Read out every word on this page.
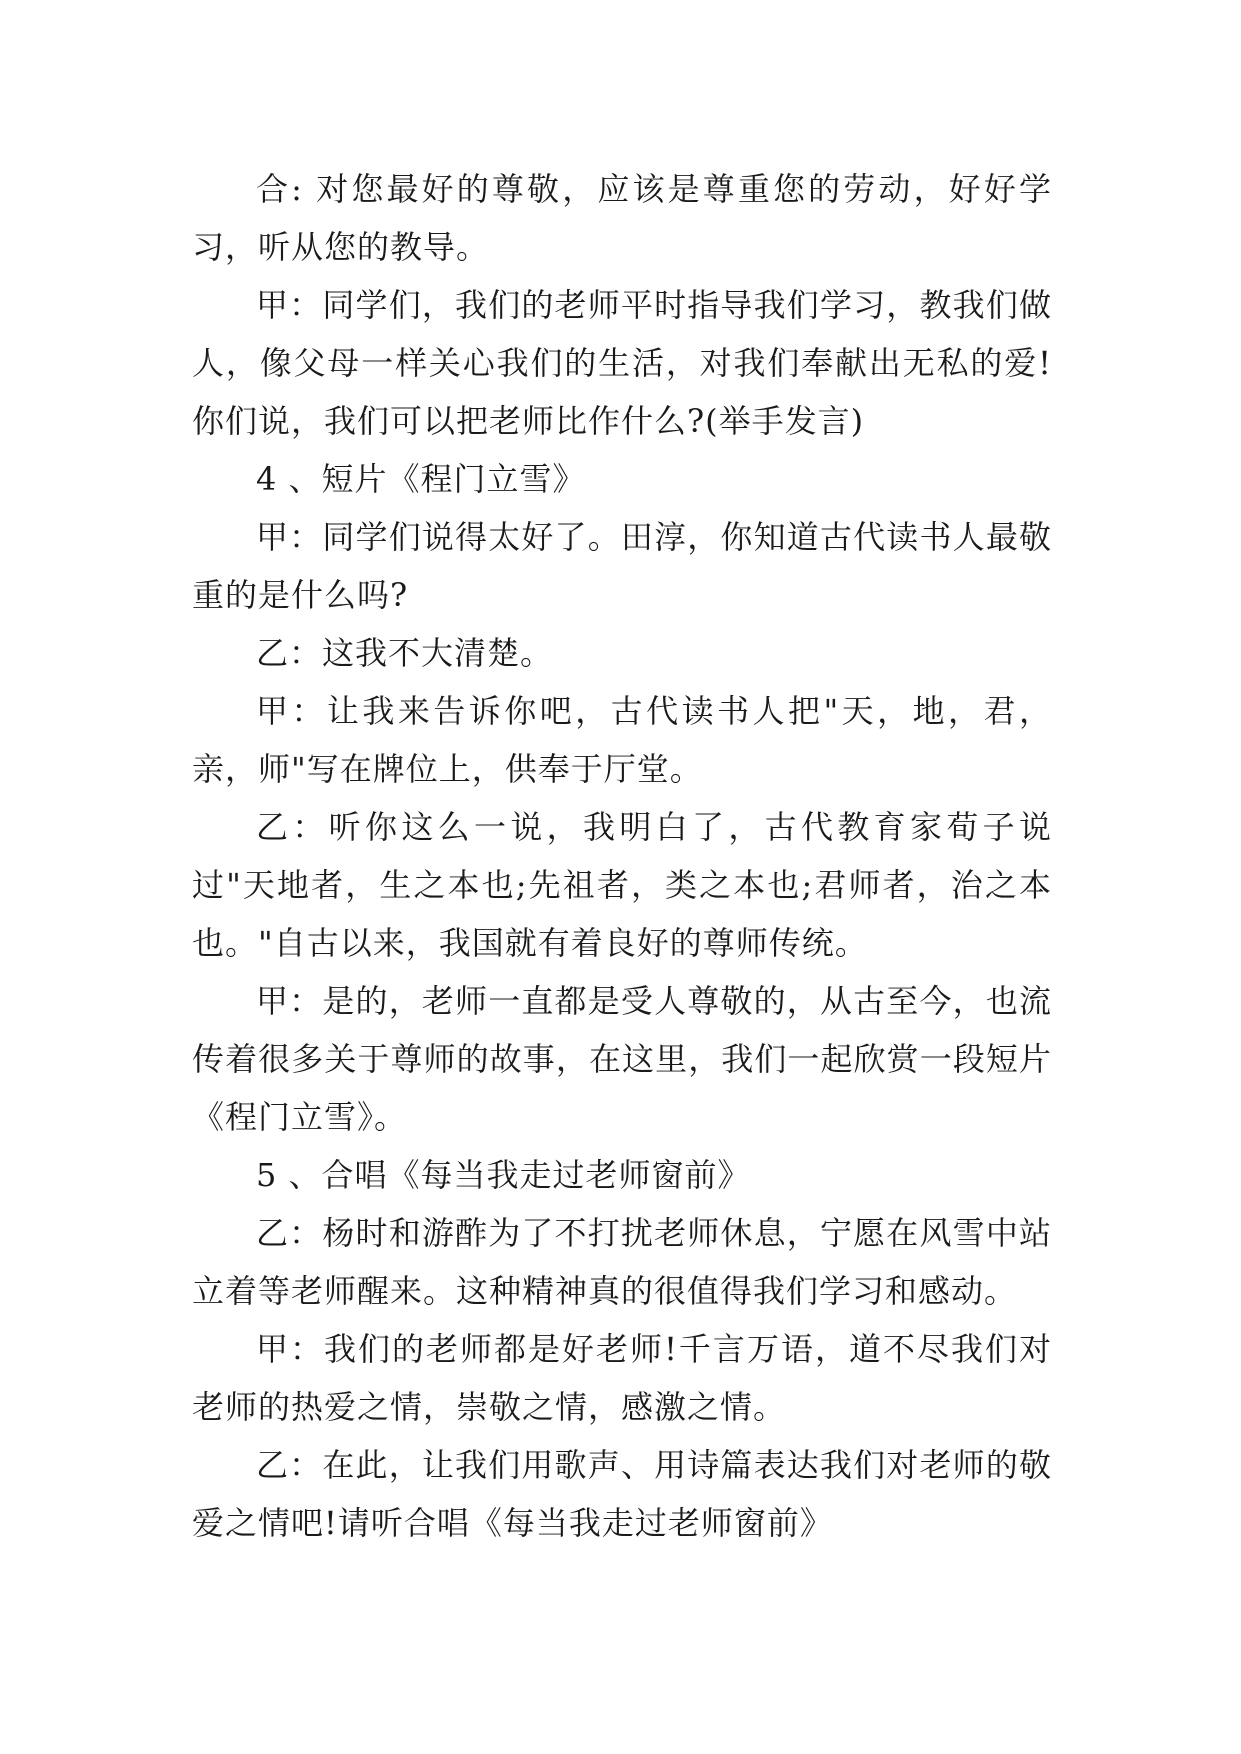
合: 对您最好的尊敬，应该是尊重您的劳动，好好学习，听从您的教导。

甲：同学们，我们的老师平时指导我们学习，教我们做人，像父母一样关心我们的生活，对我们奉献出无私的爱!你们说，我们可以把老师比作什么?(举手发言)

4 、短片《程门立雪》

甲：同学们说得太好了。田淳，你知道古代读书人最敬重的是什么吗?

乙：这我不大清楚。

甲：让我来告诉你吧，古代读书人把"天，地，君，亲，师"写在牌位上，供奉于厅堂。

乙：听你这么一说，我明白了，古代教育家荀子说过"天地者，生之本也;先祖者，类之本也;君师者，治之本也。"自古以来，我国就有着良好的尊师传统。

甲：是的，老师一直都是受人尊敬的，从古至今，也流传着很多关于尊师的故事，在这里，我们一起欣赏一段短片《程门立雪》。

5 、合唱《每当我走过老师窗前》

乙：杨时和游酢为了不打扰老师休息，宁愿在风雪中站立着等老师醒来。这种精神真的很值得我们学习和感动。

甲：我们的老师都是好老师!千言万语，道不尽我们对老师的热爱之情，崇敬之情，感激之情。

乙：在此，让我们用歌声、用诗篇表达我们对老师的敬爱之情吧!请听合唱《每当我走过老师窗前》
